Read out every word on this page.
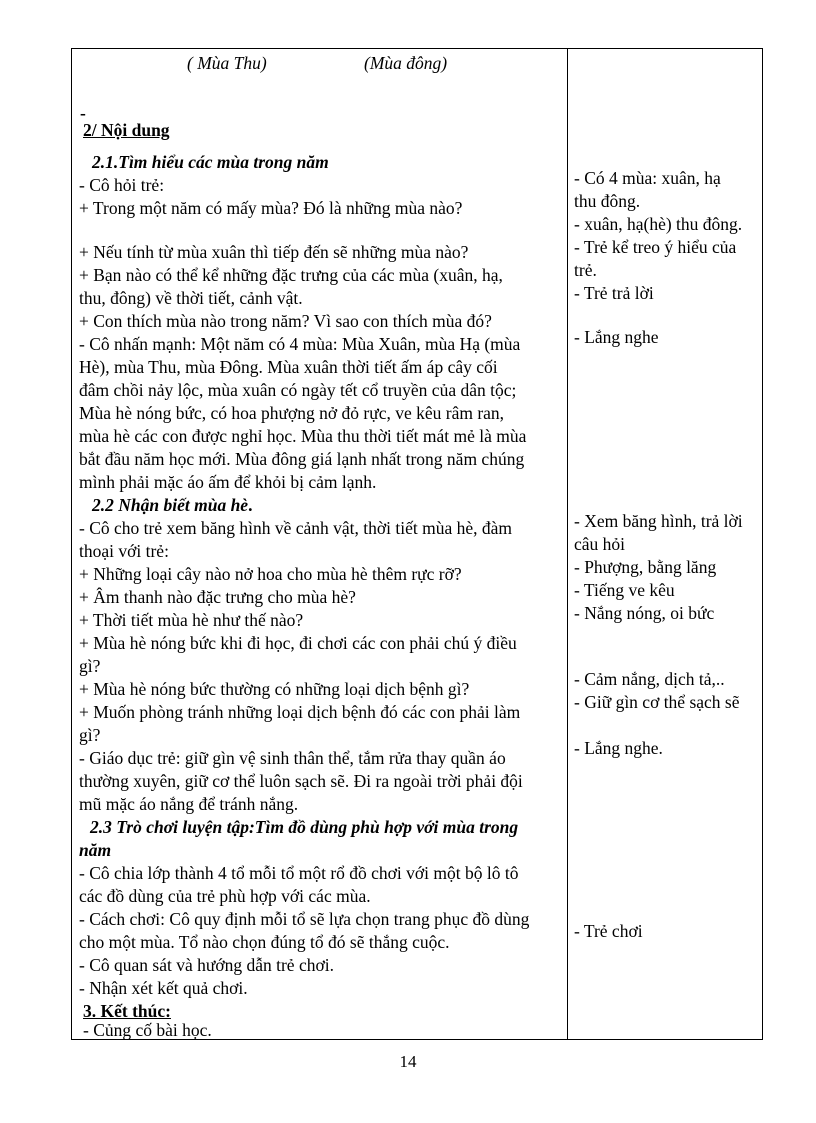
( Mùa Thu)	(Mùa đông)
-
2/ Nội dung
2.1.Tìm hiểu các mùa trong năm
- Cô hỏi trẻ:
+ Trong một năm có mấy mùa? Đó là những mùa nào?
+ Nếu tính từ mùa xuân thì tiếp đến sẽ những mùa nào?
+ Bạn nào có thể kể những đặc trưng của các mùa (xuân, hạ,
thu, đông) về thời tiết, cảnh vật.
+ Con thích mùa nào trong năm? Vì sao con thích mùa đó?
- Cô nhấn mạnh: Một năm có 4 mùa: Mùa Xuân, mùa Hạ (mùa
Hè), mùa Thu, mùa Đông. Mùa xuân thời tiết ấm áp cây cối
đâm chồi nảy lộc, mùa xuân có ngày tết cổ truyền của dân tộc;
Mùa hè nóng bức, có hoa phượng nở đỏ rực, ve kêu râm ran,
mùa hè các con được nghỉ học. Mùa thu thời tiết mát mẻ là mùa
bắt đầu năm học mới. Mùa đông giá lạnh nhất trong năm chúng
mình phải mặc áo ấm để khỏi bị cảm lạnh.
2.2 Nhận biết mùa hè.
- Cô cho trẻ xem băng hình về cảnh vật, thời tiết mùa hè, đàm
thoại với trẻ:
+ Những loại cây nào nở hoa cho mùa hè thêm rực rỡ?
+ Âm thanh nào đặc trưng cho mùa hè?
+ Thời tiết mùa hè như thế nào?
+ Mùa hè nóng bức khi đi học, đi chơi các con phải chú ý điều
gì?
+ Mùa hè nóng bức thường có những loại dịch bệnh gì?
+ Muốn phòng tránh những loại dịch bệnh đó các con phải làm
gì?
- Giáo dục trẻ: giữ gìn vệ sinh thân thể, tắm rửa thay quần áo
thường xuyên, giữ cơ thể luôn sạch sẽ. Đi ra ngoài trời phải đội
mũ mặc áo nắng để tránh nắng.
2.3 Trò chơi luyện tập:Tìm đồ dùng phù hợp với mùa trong
năm
- Cô chia lớp thành 4 tổ mỗi tổ một rổ đồ chơi với một bộ lô tô
các đồ dùng của trẻ phù hợp với các mùa.
- Cách chơi: Cô quy định mỗi tổ sẽ lựa chọn trang phục đồ dùng
cho một mùa. Tổ nào chọn đúng tổ đó sẽ thắng cuộc.
- Cô quan sát và hướng dẫn trẻ chơi.
- Nhận xét kết quả chơi.
3. Kết thúc:
- Củng cố bài học.
- Có 4 mùa: xuân, hạ
thu đông.
- xuân, hạ(hè) thu đông.
- Trẻ kể treo ý hiểu của
trẻ.
- Trẻ trả lời
- Lắng nghe
- Xem băng hình, trả lời
câu hỏi
- Phượng, bằng lăng
- Tiếng ve kêu
- Nắng nóng, oi bức
- Cảm nắng, dịch tả,..
- Giữ gìn cơ thể sạch sẽ
- Lắng nghe.
- Trẻ chơi
14
